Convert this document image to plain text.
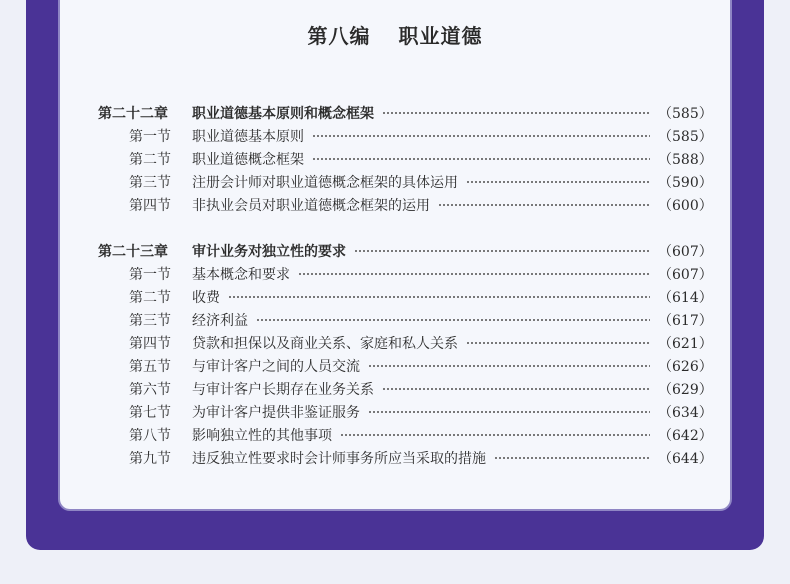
第八编 职业道德
第二十二章	职业道德基本原则和概念框架	（585）
第一节	职业道德基本原则	（585）
第二节	职业道德概念框架	（588）
第三节	注册会计师对职业道德概念框架的具体运用	（590）
第四节	非执业会员对职业道德概念框架的运用	（600）
第二十三章	审计业务对独立性的要求	（607）
第一节	基本概念和要求	（607）
第二节	收费	（614）
第三节	经济利益	（617）
第四节	贷款和担保以及商业关系、家庭和私人关系	（621）
第五节	与审计客户之间的人员交流	（626）
第六节	与审计客户长期存在业务关系	（629）
第七节	为审计客户提供非鉴证服务	（634）
第八节	影响独立性的其他事项	（642）
第九节	违反独立性要求时会计师事务所应当采取的措施	（644）
